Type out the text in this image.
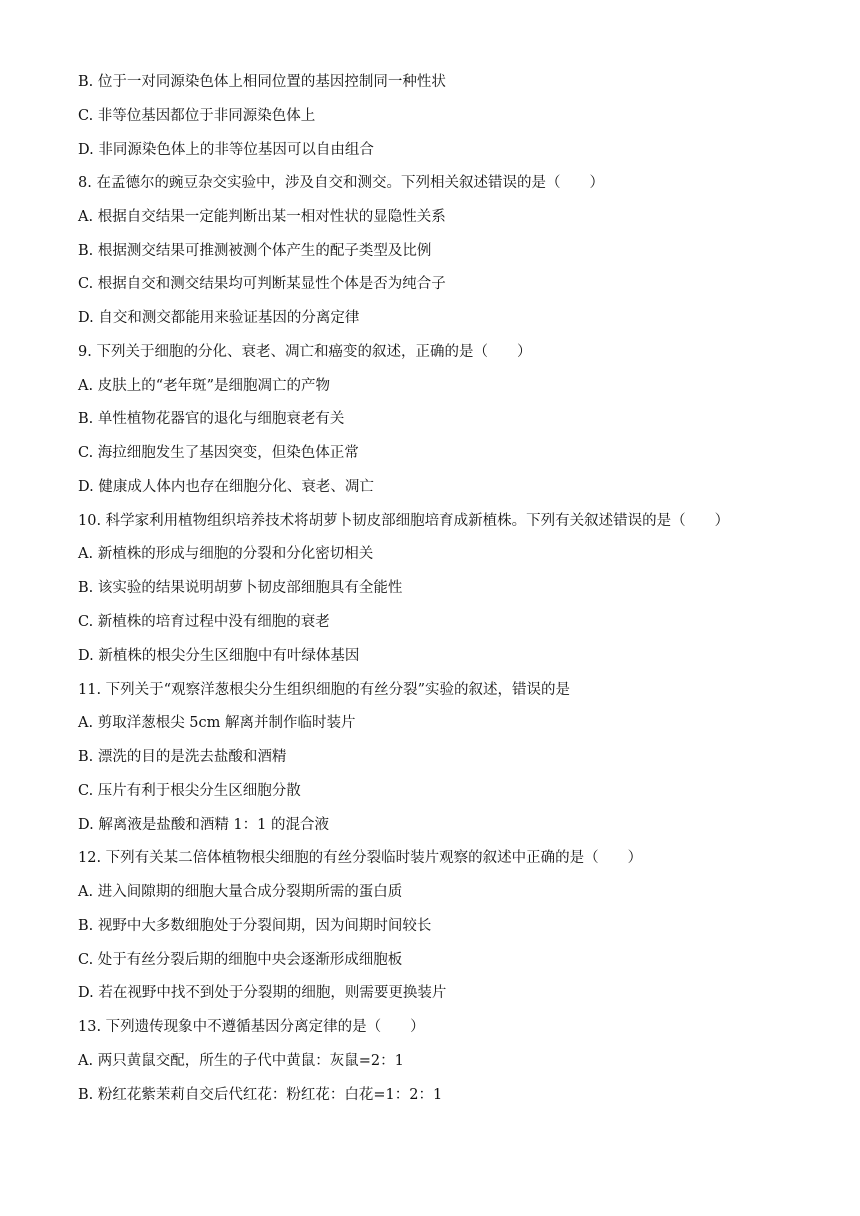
B. 位于一对同源染色体上相同位置的基因控制同一种性状
C. 非等位基因都位于非同源染色体上
D. 非同源染色体上的非等位基因可以自由组合
8. 在孟德尔的豌豆杂交实验中，涉及自交和测交。下列相关叙述错误的是（　　）
A. 根据自交结果一定能判断出某一相对性状的显隐性关系
B. 根据测交结果可推测被测个体产生的配子类型及比例
C. 根据自交和测交结果均可判断某显性个体是否为纯合子
D. 自交和测交都能用来验证基因的分离定律
9. 下列关于细胞的分化、衰老、凋亡和癌变的叙述，正确的是（　　）
A. 皮肤上的“老年斑”是细胞凋亡的产物
B. 单性植物花器官的退化与细胞衰老有关
C. 海拉细胞发生了基因突变，但染色体正常
D. 健康成人体内也存在细胞分化、衰老、凋亡
10. 科学家利用植物组织培养技术将胡萝卜韧皮部细胞培育成新植株。下列有关叙述错误的是（　　）
A. 新植株的形成与细胞的分裂和分化密切相关
B. 该实验的结果说明胡萝卜韧皮部细胞具有全能性
C. 新植株的培育过程中没有细胞的衰老
D. 新植株的根尖分生区细胞中有叶绿体基因
11. 下列关于“观察洋葱根尖分生组织细胞的有丝分裂”实验的叙述，错误的是
A. 剪取洋葱根尖 5cm 解离并制作临时装片
B. 漂洗的目的是洗去盐酸和酒精
C. 压片有利于根尖分生区细胞分散
D. 解离液是盐酸和酒精 1：1 的混合液
12. 下列有关某二倍体植物根尖细胞的有丝分裂临时装片观察的叙述中正确的是（　　）
A. 进入间隙期的细胞大量合成分裂期所需的蛋白质
B. 视野中大多数细胞处于分裂间期，因为间期时间较长
C. 处于有丝分裂后期的细胞中央会逐渐形成细胞板
D. 若在视野中找不到处于分裂期的细胞，则需要更换装片
13. 下列遗传现象中不遵循基因分离定律的是（　　）
A. 两只黄鼠交配，所生的子代中黄鼠：灰鼠=2：1
B. 粉红花紫茉莉自交后代红花：粉红花：白花=1：2：1
